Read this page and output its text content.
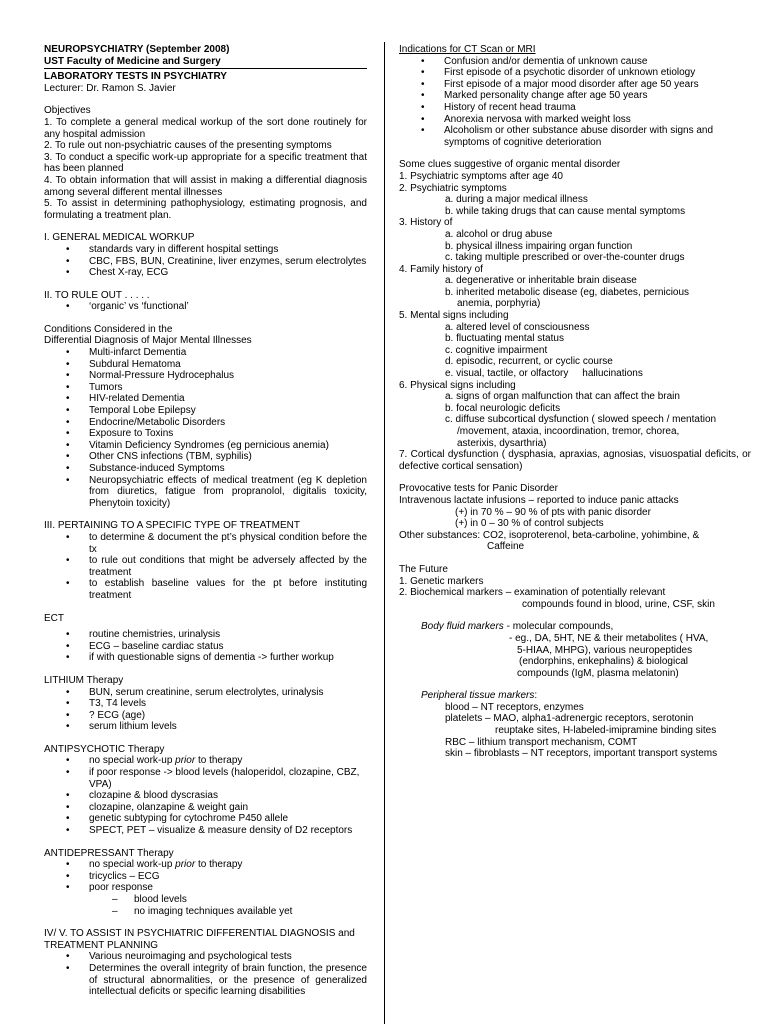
NEUROPSYCHIATRY (September 2008)

UST Faculty of Medicine and Surgery

LABORATORY TESTS IN PSYCHIATRY

Lecturer: Dr. Ramon S. Javier

Objectives

1. To complete a general medical workup of the sort done routinely for any hospital admission

2. To rule out non-psychiatric causes of the presenting symptoms

3. To conduct a specific work-up appropriate for a specific treatment that has been planned

4. To obtain information that will assist in making a differential diagnosis among several different mental illnesses

5. To assist in determining pathophysiology, estimating prognosis, and formulating a treatment plan.

I. GENERAL MEDICAL WORKUP

• standards vary in different hospital settings
• CBC, FBS, BUN, Creatinine, liver enzymes, serum electrolytes
• Chest X-ray, ECG

II. TO RULE OUT . . . . .

• ‘organic’ vs ‘functional’

Conditions Considered in the

Differential Diagnosis of Major Mental Illnesses

• Multi-infarct Dementia
• Subdural Hematoma
• Normal-Pressure Hydrocephalus
• Tumors
• HIV-related Dementia
• Temporal Lobe Epilepsy
• Endocrine/Metabolic Disorders
• Exposure to Toxins
• Vitamin Deficiency Syndromes (eg pernicious anemia)
• Other CNS infections (TBM, syphilis)
• Substance-induced Symptoms
• Neuropsychiatric effects of medical treatment (eg K depletion from diuretics, fatigue from propranolol, digitalis toxicity, Phenytoin toxicity)

III. PERTAINING TO A SPECIFIC TYPE OF TREATMENT

• to determine & document the pt’s physical condition before the tx
• to rule out conditions that might be adversely affected by the treatment
• to establish baseline values for the pt before instituting treatment

ECT

• routine chemistries, urinalysis
• ECG – baseline cardiac status
• if with questionable signs of dementia -> further workup

LITHIUM Therapy

• BUN, serum creatinine, serum electrolytes, urinalysis
• T3, T4 levels
• ? ECG (age)
• serum lithium levels

ANTIPSYCHOTIC Therapy

• no special work-up prior to therapy
• if poor response -> blood levels (haloperidol, clozapine, CBZ, VPA)
• clozapine & blood dyscrasias
• clozapine, olanzapine & weight gain
• genetic subtyping for cytochrome P450 allele
• SPECT, PET – visualize & measure density of D2 receptors

ANTIDEPRESSANT Therapy

• no special work-up prior to therapy
• tricyclics – ECG
• poor response
– blood levels
– no imaging techniques available yet

IV/ V. TO ASSIST IN PSYCHIATRIC DIFFERENTIAL DIAGNOSIS and TREATMENT PLANNING

• Various neuroimaging and psychological tests
• Determines the overall integrity of brain function, the presence of structural abnormalities, or the presence of generalized intellectual deficits or specific learning disabilities

Indications for CT Scan or MRI

• Confusion and/or dementia of unknown cause
• First episode of a psychotic disorder of unknown etiology
• First episode of a major mood disorder after age 50 years
• Marked personality change after age 50 years
• History of recent head trauma
• Anorexia nervosa with marked weight loss
• Alcoholism or other substance abuse disorder with signs and symptoms of cognitive deterioration

Some clues suggestive of organic mental disorder

1. Psychiatric symptoms after age 40

2. Psychiatric symptoms

a. during a major medical illness

b. while taking drugs that can cause mental symptoms

3. History of

a. alcohol or drug abuse

b. physical illness impairing organ function

c. taking multiple prescribed or over-the-counter drugs

4. Family history of

a. degenerative or inheritable brain disease

b. inherited metabolic disease (eg, diabetes, pernicious

anemia, porphyria)

5. Mental signs including

a. altered level of consciousness

b. fluctuating mental status

c. cognitive impairment

d. episodic, recurrent, or cyclic course

e. visual, tactile, or olfactory     hallucinations

6. Physical signs including

a. signs of organ malfunction that can affect the brain

b. focal neurologic deficits

c. diffuse subcortical dysfunction ( slowed speech / mentation

/movement, ataxia, incoordination, tremor, chorea,

asterixis, dysarthria)

7. Cortical dysfunction ( dysphasia, apraxias, agnosias, visuospatial deficits, or defective cortical sensation)

Provocative tests for Panic Disorder

Intravenous lactate infusions – reported to induce panic attacks

(+) in 70 % – 90 % of pts with panic disorder

(+) in 0 – 30 % of control subjects

Other substances: CO2, isoproterenol, beta-carboline, yohimbine, &

Caffeine

The Future

1. Genetic markers

2. Biochemical markers – examination of potentially relevant

compounds found in blood, urine, CSF, skin

Body fluid markers - molecular compounds,

- eg., DA, 5HT, NE & their metabolites ( HVA,

5-HIAA, MHPG), various neuropeptides

(endorphins, enkephalins) & biological

compounds (IgM, plasma melatonin)

Peripheral tissue markers:

blood – NT receptors, enzymes

platelets – MAO, alpha1-adrenergic receptors, serotonin

reuptake sites, H-labeled-imipramine binding sites

RBC – lithium transport mechanism, COMT

skin – fibroblasts – NT receptors, important transport systems
